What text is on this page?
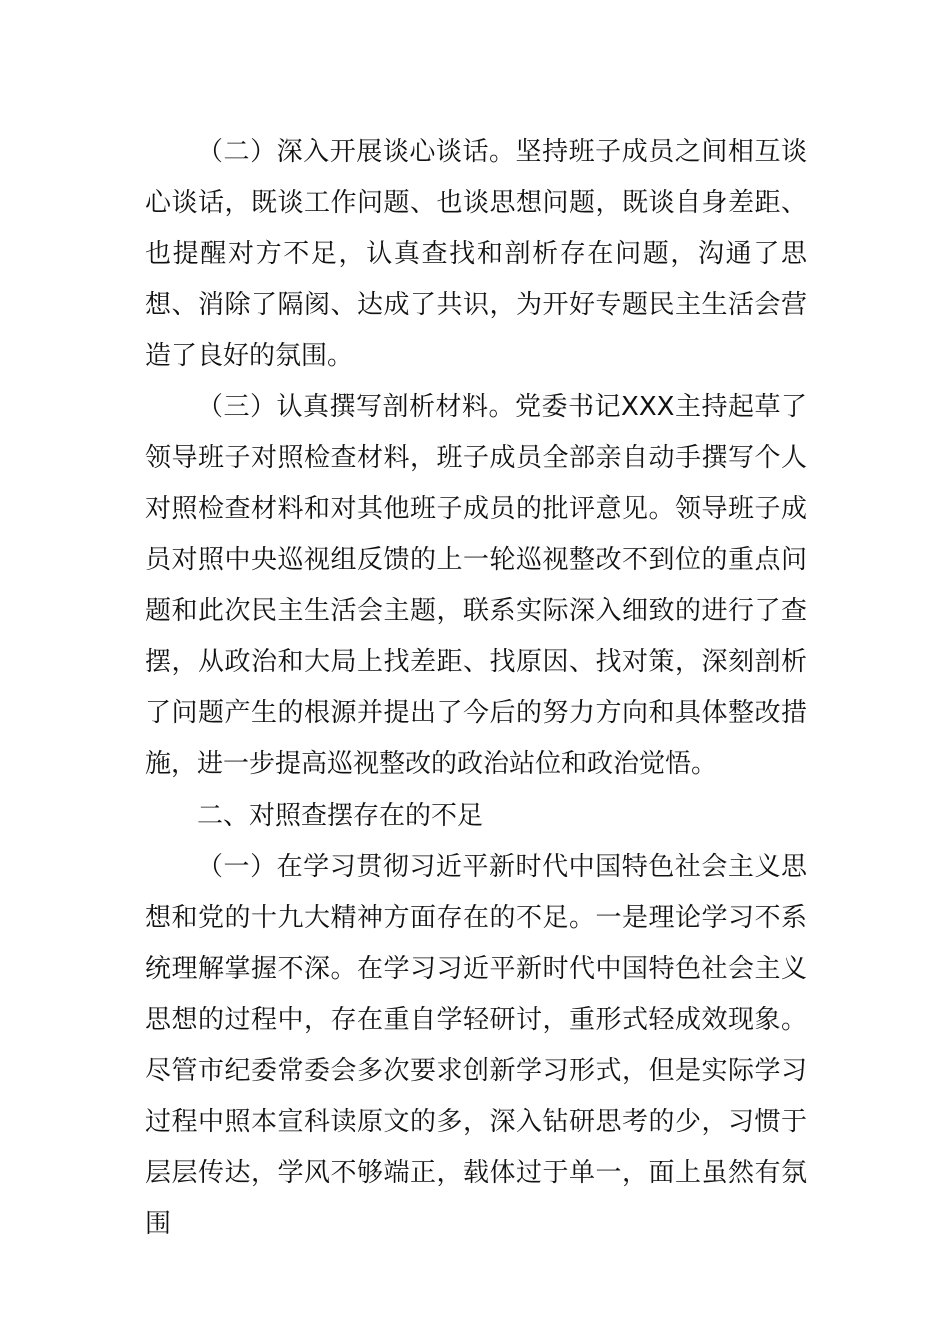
（二）深入开展谈心谈话。坚持班子成员之间相互谈心谈话，既谈工作问题、也谈思想问题，既谈自身差距、也提醒对方不足，认真查找和剖析存在问题，沟通了思想、消除了隔阂、达成了共识，为开好专题民主生活会营造了良好的氛围。

（三）认真撰写剖析材料。党委书记XXX主持起草了领导班子对照检查材料，班子成员全部亲自动手撰写个人对照检查材料和对其他班子成员的批评意见。领导班子成员对照中央巡视组反馈的上一轮巡视整改不到位的重点问题和此次民主生活会主题，联系实际深入细致的进行了查摆，从政治和大局上找差距、找原因、找对策，深刻剖析了问题产生的根源并提出了今后的努力方向和具体整改措施，进一步提高巡视整改的政治站位和政治觉悟。

二、对照查摆存在的不足

（一）在学习贯彻习近平新时代中国特色社会主义思想和党的十九大精神方面存在的不足。一是理论学习不系统理解掌握不深。在学习习近平新时代中国特色社会主义思想的过程中，存在重自学轻研讨，重形式轻成效现象。尽管市纪委常委会多次要求创新学习形式，但是实际学习过程中照本宣科读原文的多，深入钻研思考的少，习惯于层层传达，学风不够端正，载体过于单一，面上虽然有氛围
